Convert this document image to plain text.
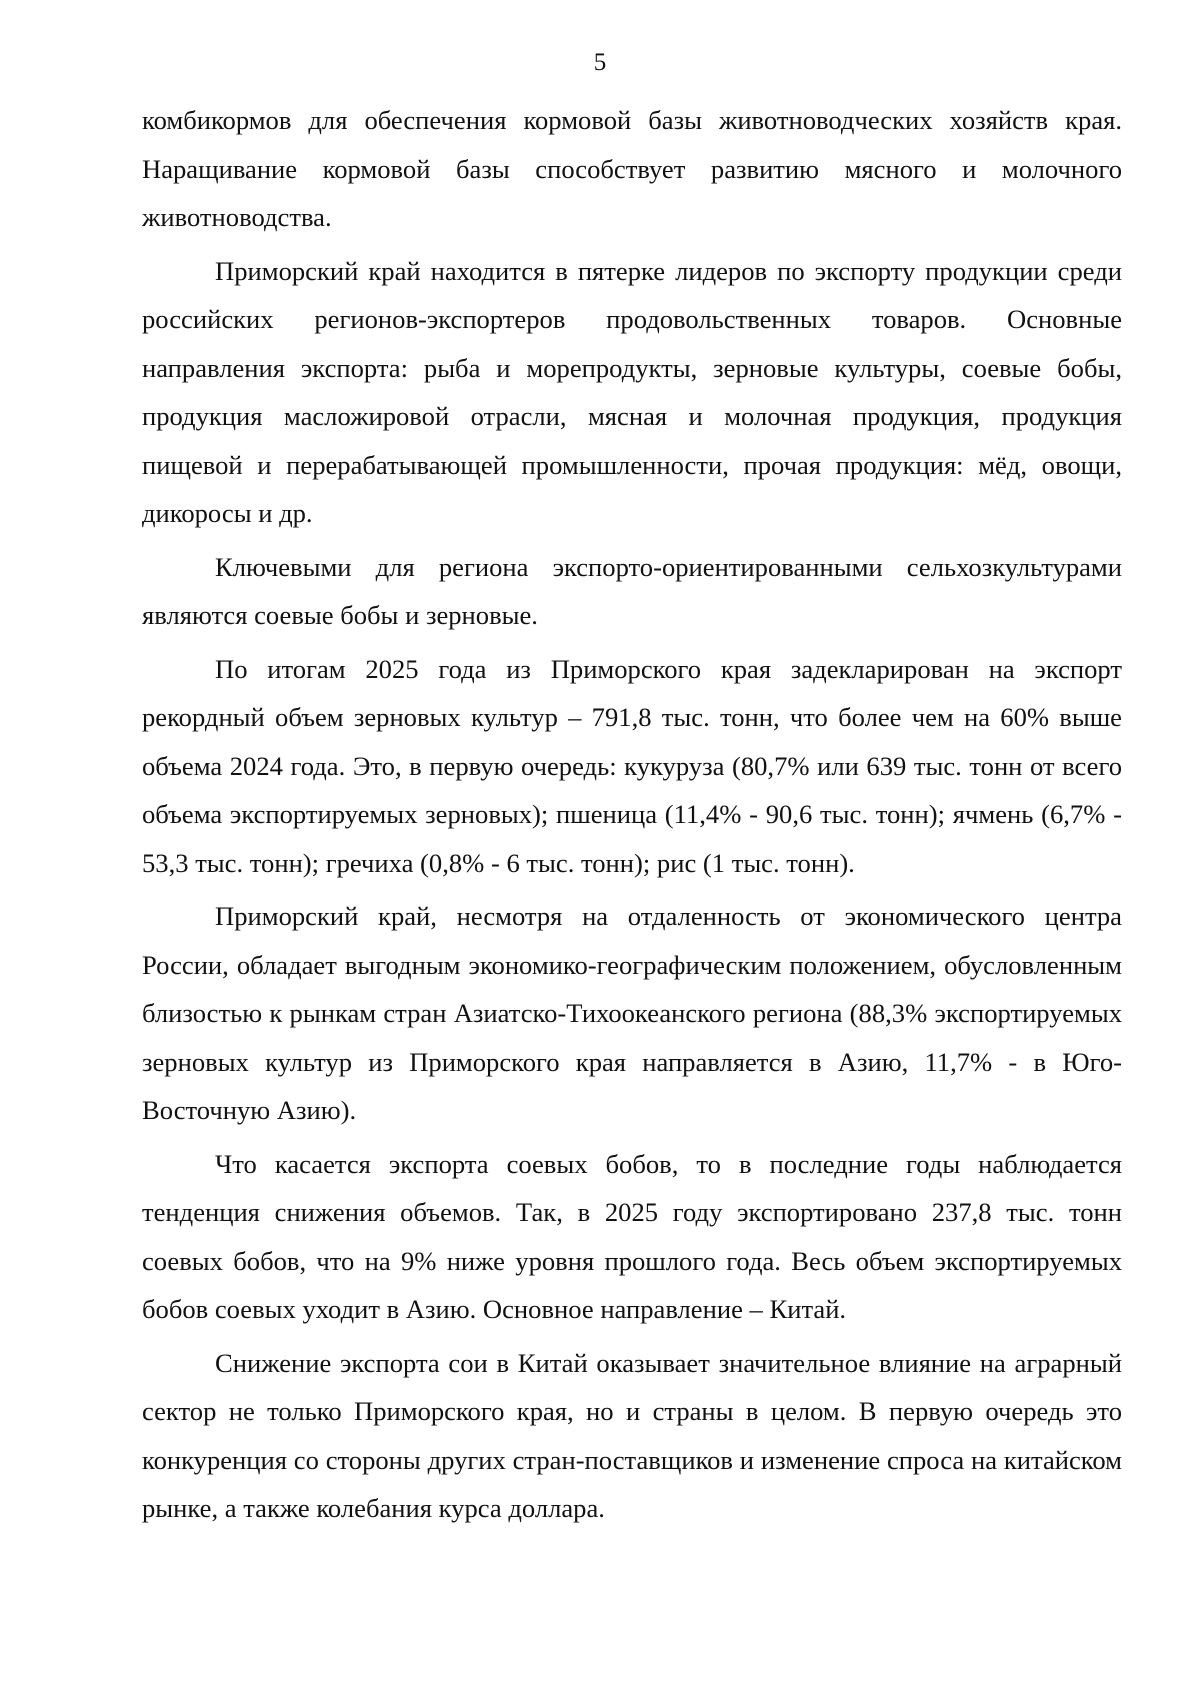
5

комбикормов для обеспечения кормовой базы животноводческих хозяйств края. Наращивание кормовой базы способствует развитию мясного и молочного животноводства.

Приморский край находится в пятерке лидеров по экспорту продукции среди российских регионов-экспортеров продовольственных товаров. Основные направления экспорта: рыба и морепродукты, зерновые культуры, соевые бобы, продукция масложировой отрасли, мясная и молочная продукция, продукция пищевой и перерабатывающей промышленности, прочая продукция: мёд, овощи, дикоросы и др.

Ключевыми для региона экспорто-ориентированными сельхозкультурами являются соевые бобы и зерновые.

По итогам 2025 года из Приморского края задекларирован на экспорт рекордный объем зерновых культур – 791,8 тыс. тонн, что более чем на 60% выше объема 2024 года. Это, в первую очередь: кукуруза (80,7% или 639 тыс. тонн от всего объема экспортируемых зерновых); пшеница (11,4% - 90,6 тыс. тонн); ячмень (6,7% - 53,3 тыс. тонн); гречиха (0,8% - 6 тыс. тонн); рис (1 тыс. тонн).

Приморский край, несмотря на отдаленность от экономического центра России, обладает выгодным экономико-географическим положением, обусловленным близостью к рынкам стран Азиатско-Тихоокеанского региона (88,3% экспортируемых зерновых культур из Приморского края направляется в Азию, 11,7% - в Юго-Восточную Азию).

Что касается экспорта соевых бобов, то в последние годы наблюдается тенденция снижения объемов. Так, в 2025 году экспортировано 237,8 тыс. тонн соевых бобов, что на 9% ниже уровня прошлого года. Весь объем экспортируемых бобов соевых уходит в Азию. Основное направление – Китай.

Снижение экспорта сои в Китай оказывает значительное влияние на аграрный сектор не только Приморского края, но и страны в целом. В первую очередь это конкуренция со стороны других стран-поставщиков и изменение спроса на китайском рынке, а также колебания курса доллара.
